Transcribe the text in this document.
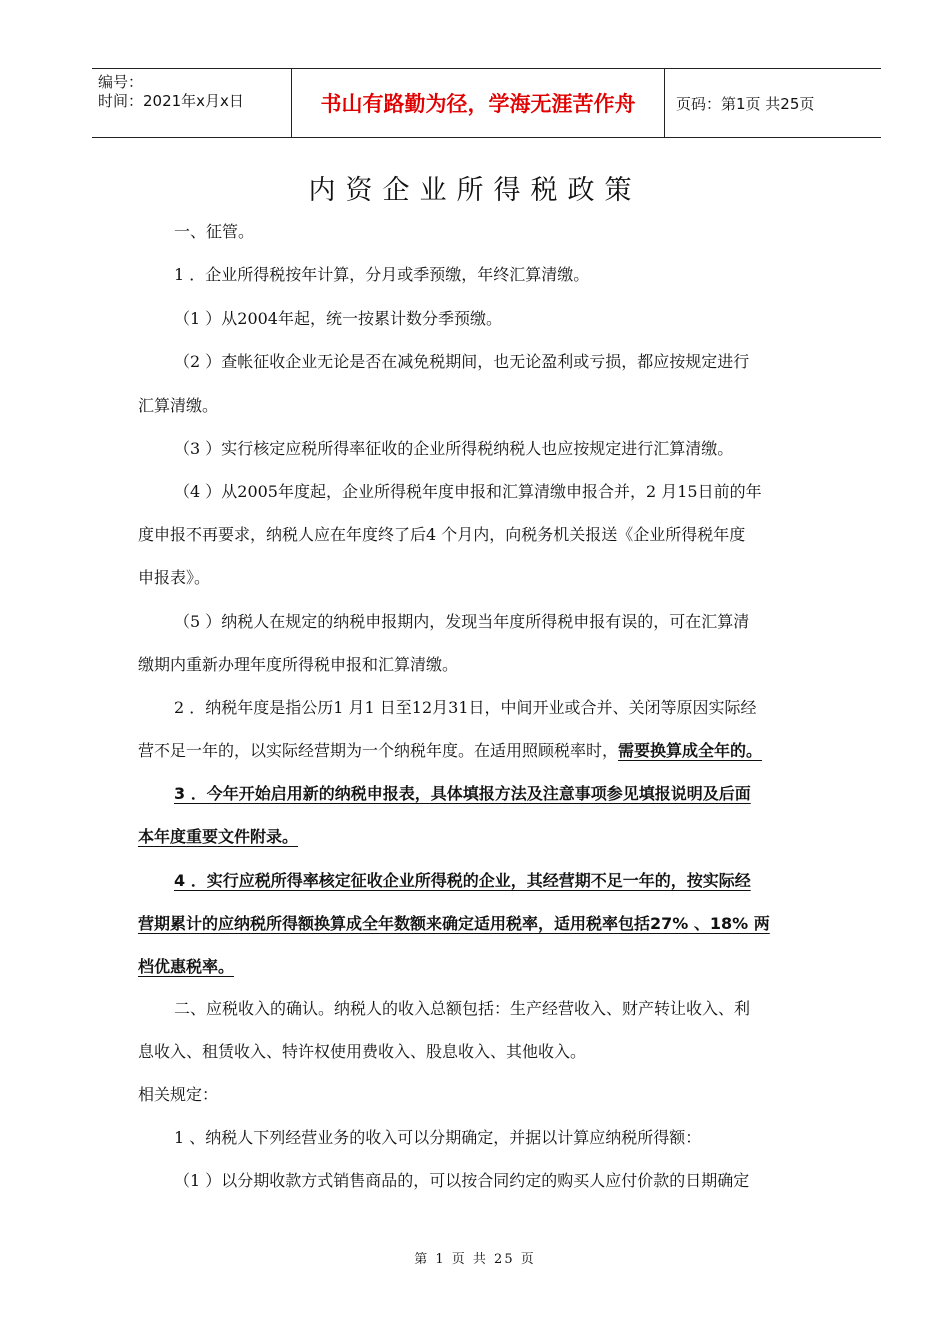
编号：
时间：2021年x月x日	书山有路勤为径，学海无涯苦作舟	页码：第1页 共25页
内资企业所得税政策
一、征管。
1 ．企业所得税按年计算，分月或季预缴，年终汇算清缴。
（1 ）从2004年起，统一按累计数分季预缴。
（2 ）查帐征收企业无论是否在减免税期间，也无论盈利或亏损，都应按规定进行
汇算清缴。
（3 ）实行核定应税所得率征收的企业所得税纳税人也应按规定进行汇算清缴。
（4 ）从2005年度起，企业所得税年度申报和汇算清缴申报合并，2 月15日前的年
度申报不再要求，纳税人应在年度终了后4 个月内，向税务机关报送《企业所得税年度
申报表》。
（5 ）纳税人在规定的纳税申报期内，发现当年度所得税申报有误的，可在汇算清
缴期内重新办理年度所得税申报和汇算清缴。
2 ．纳税年度是指公历1 月1 日至12月31日，中间开业或合并、关闭等原因实际经
营不足一年的，以实际经营期为一个纳税年度。在适用照顾税率时，需要换算成全年的。
3 ．今年开始启用新的纳税申报表，具体填报方法及注意事项参见填报说明及后面
本年度重要文件附录。
4 ．实行应税所得率核定征收企业所得税的企业，其经营期不足一年的，按实际经
营期累计的应纳税所得额换算成全年数额来确定适用税率，适用税率包括27% 、18% 两
档优惠税率。
二、应税收入的确认。纳税人的收入总额包括：生产经营收入、财产转让收入、利
息收入、租赁收入、特许权使用费收入、股息收入、其他收入。
相关规定：
1 、纳税人下列经营业务的收入可以分期确定，并据以计算应纳税所得额：
（1 ）以分期收款方式销售商品的，可以按合同约定的购买人应付价款的日期确定
第 1 页 共 25 页
